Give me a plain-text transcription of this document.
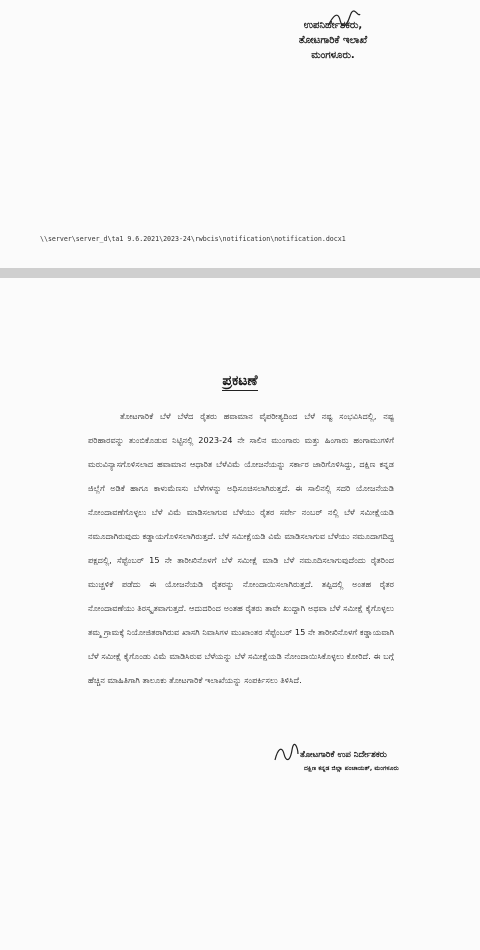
ಉಪನಿರ್ದೇಶಕರು,
ತೋಟಗಾರಿಕೆ ಇಲಾಖೆ
ಮಂಗಳೂರು.
\\server\server_d\ta1 9.6.2021\2023-24\rwbcis\notification\notification.docx1
ಪ್ರಕಟಣೆ

ತೋಟಗಾರಿಕೆ ಬೆಳೆ ಬೆಳೆದ ರೈತರು ಹವಾಮಾನ ವೈಪರೀತ್ಯದಿಂದ ಬೆಳೆ ನಷ್ಟ ಸಂಭವಿಸಿದಲ್ಲಿ, ನಷ್ಟ ಪರಿಹಾರವನ್ನು ತುಂಬಿಕೊಡುವ ನಿಟ್ಟಿನಲ್ಲಿ 2023-24 ನೇ ಸಾಲಿನ ಮುಂಗಾರು ಮತ್ತು ಹಿಂಗಾರು ಹಂಗಾಮುಗಳಿಗೆ ಮರುವಿನ್ಯಾಸಗೊಳಿಸಲಾದ ಹವಾಮಾನ ಆಧಾರಿತ ಬೆಳೆವಿಮೆ ಯೋಜನೆಯನ್ನು ಸರ್ಕಾರ ಜಾರಿಗೊಳಿಸಿದ್ದು, ದಕ್ಷಿಣ ಕನ್ನಡ ಜಿಲ್ಲೆಗೆ ಅಡಿಕೆ ಹಾಗೂ ಕಾಳುಮೆಣಸು ಬೆಳೆಗಳನ್ನು ಅಧಿಸೂಚಿಸಲಾಗಿರುತ್ತದೆ. ಈ ಸಾಲಿನಲ್ಲಿ ಸದರಿ ಯೋಜನೆಯಡಿ ನೋಂದಾವಣೆಗೊಳ್ಳಲು ಬೆಳೆ ವಿಮೆ ಮಾಡಿಸಲಾಗುವ ಬೆಳೆಯು ರೈತರ ಸರ್ವೇ ನಂಬರ್ ನಲ್ಲಿ ಬೆಳೆ ಸಮೀಕ್ಷೆಯಡಿ ನಮೂದಾಗಿರುವುದು ಕಡ್ಡಾಯಗೊಳಿಸಲಾಗಿರುತ್ತದೆ. ಬೆಳೆ ಸಮೀಕ್ಷೆಯಡಿ ವಿಮೆ ಮಾಡಿಸಲಾಗುವ ಬೆಳೆಯು ನಮೂದಾಗದಿದ್ದ ಪಕ್ಷದಲ್ಲಿ, ಸೆಪ್ಟೆಂಬರ್ 15 ನೇ ತಾರೀಖಿನೊಳಗೆ ಬೆಳೆ ಸಮೀಕ್ಷೆ ಮಾಡಿ ಬೆಳೆ ನಮೂದಿಸಲಾಗುವುದೆಂದು ರೈತರಿಂದ ಮುಚ್ಚಳಿಕೆ ಪಡೆದು ಈ ಯೋಜನೆಯಡಿ ರೈತರನ್ನು ನೋಂದಾಯಿಸಲಾಗಿರುತ್ತದೆ. ತಪ್ಪಿದಲ್ಲಿ ಅಂತಹ ರೈತರ ನೋಂದಾವಣೆಯು ತಿರಸ್ಕೃತವಾಗುತ್ತದೆ. ಆದುದರಿಂದ ಅಂತಹ ರೈತರು ತಾವೇ ಖುದ್ದಾಗಿ ಅಥವಾ ಬೆಳೆ ಸಮೀಕ್ಷೆ ಕೈಗೊಳ್ಳಲು ತಮ್ಮ ಗ್ರಾಮಕ್ಕೆ ನಿಯೋಜಿತರಾಗಿರುವ ಖಾಸಗಿ ನಿವಾಸಿಗಳ ಮುಖಾಂತರ ಸೆಪ್ಟೆಂಬರ್ 15 ನೇ ತಾರೀಖಿನೊಳಗೆ ಕಡ್ಡಾಯವಾಗಿ ಬೆಳೆ ಸಮೀಕ್ಷೆ ಕೈಗೊಂಡು ವಿಮೆ ಮಾಡಿಸಿರುವ ಬೆಳೆಯನ್ನು ಬೆಳೆ ಸಮೀಕ್ಷೆಯಡಿ ನೋಂದಾಯಿಸಿಕೊಳ್ಳಲು ಕೋರಿದೆ. ಈ ಬಗ್ಗೆ ಹೆಚ್ಚಿನ ಮಾಹಿತಿಗಾಗಿ ತಾಲೂಕು ತೋಟಗಾರಿಕೆ ಇಲಾಖೆಯನ್ನು ಸಂಪರ್ಕಿಸಲು ತಿಳಿಸಿದೆ.

ತೋಟಗಾರಿಕೆ ಉಪ ನಿರ್ದೇಶಕರು
ದಕ್ಷಿಣ ಕನ್ನಡ ಜಿಲ್ಲಾ ಪಂಚಾಯತ್, ಮಂಗಳೂರು
